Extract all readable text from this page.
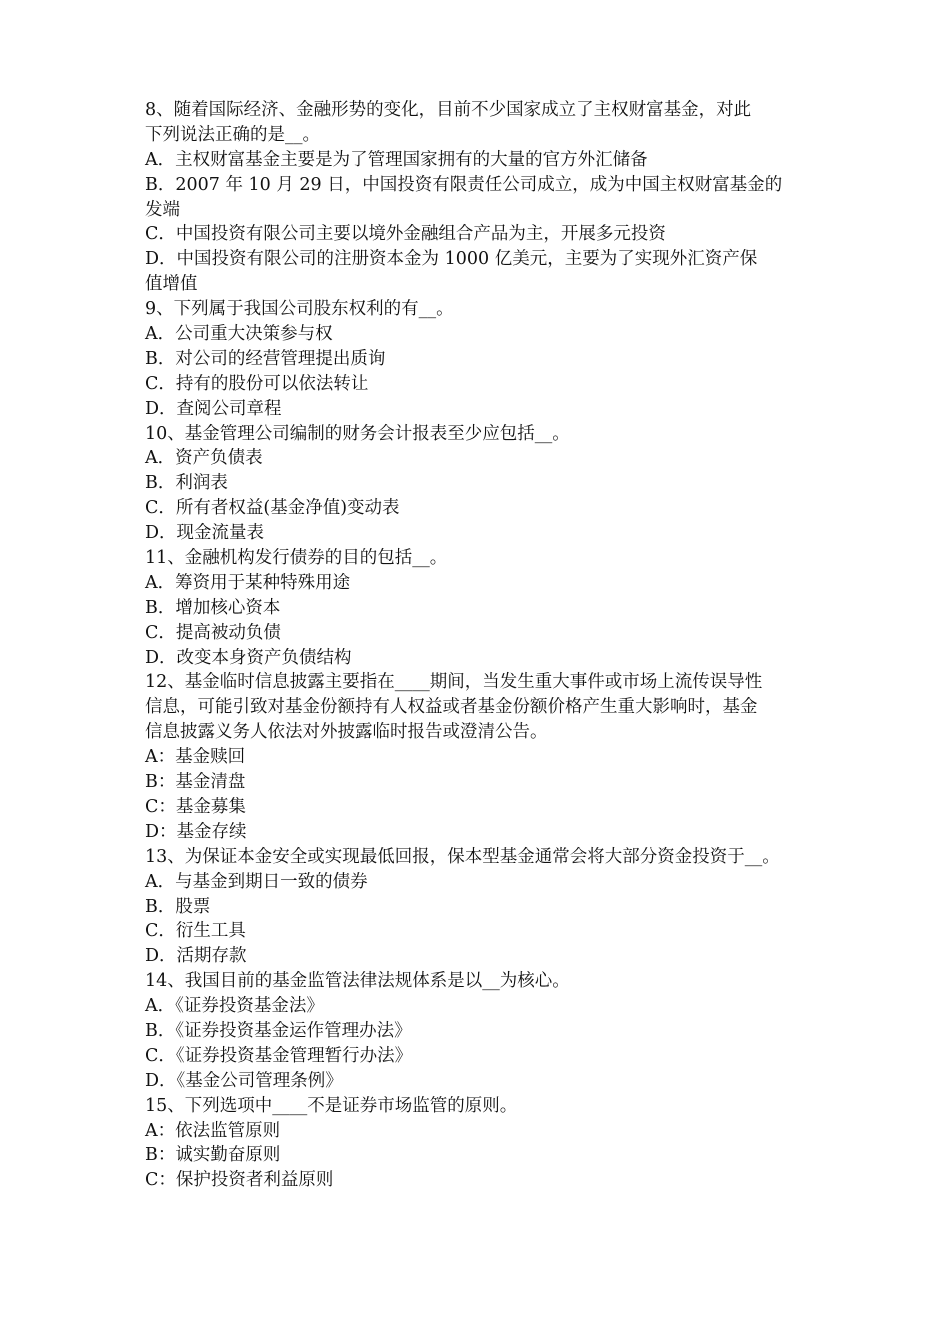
8、随着国际经济、金融形势的变化，目前不少国家成立了主权财富基金，对此
下列说法正确的是__。
A．主权财富基金主要是为了管理国家拥有的大量的官方外汇储备
B．2007 年 10 月 29 日，中国投资有限责任公司成立，成为中国主权财富基金的
发端
C．中国投资有限公司主要以境外金融组合产品为主，开展多元投资
D．中国投资有限公司的注册资本金为 1000 亿美元，主要为了实现外汇资产保
值增值
9、下列属于我国公司股东权利的有__。
A．公司重大决策参与权
B．对公司的经营管理提出质询
C．持有的股份可以依法转让
D．查阅公司章程
10、基金管理公司编制的财务会计报表至少应包括__。
A．资产负债表
B．利润表
C．所有者权益(基金净值)变动表
D．现金流量表
11、金融机构发行债券的目的包括__。
A．筹资用于某种特殊用途
B．增加核心资本
C．提高被动负债
D．改变本身资产负债结构
12、基金临时信息披露主要指在____期间，当发生重大事件或市场上流传误导性
信息，可能引致对基金份额持有人权益或者基金份额价格产生重大影响时，基金
信息披露义务人依法对外披露临时报告或澄清公告。
A：基金赎回
B：基金清盘
C：基金募集
D：基金存续
13、为保证本金安全或实现最低回报，保本型基金通常会将大部分资金投资于__。
A．与基金到期日一致的债券
B．股票
C．衍生工具
D．活期存款
14、我国目前的基金监管法律法规体系是以__为核心。
A．《证券投资基金法》
B．《证券投资基金运作管理办法》
C．《证券投资基金管理暂行办法》
D．《基金公司管理条例》
15、下列选项中____不是证券市场监管的原则。
A：依法监管原则
B：诚实勤奋原则
C：保护投资者利益原则
